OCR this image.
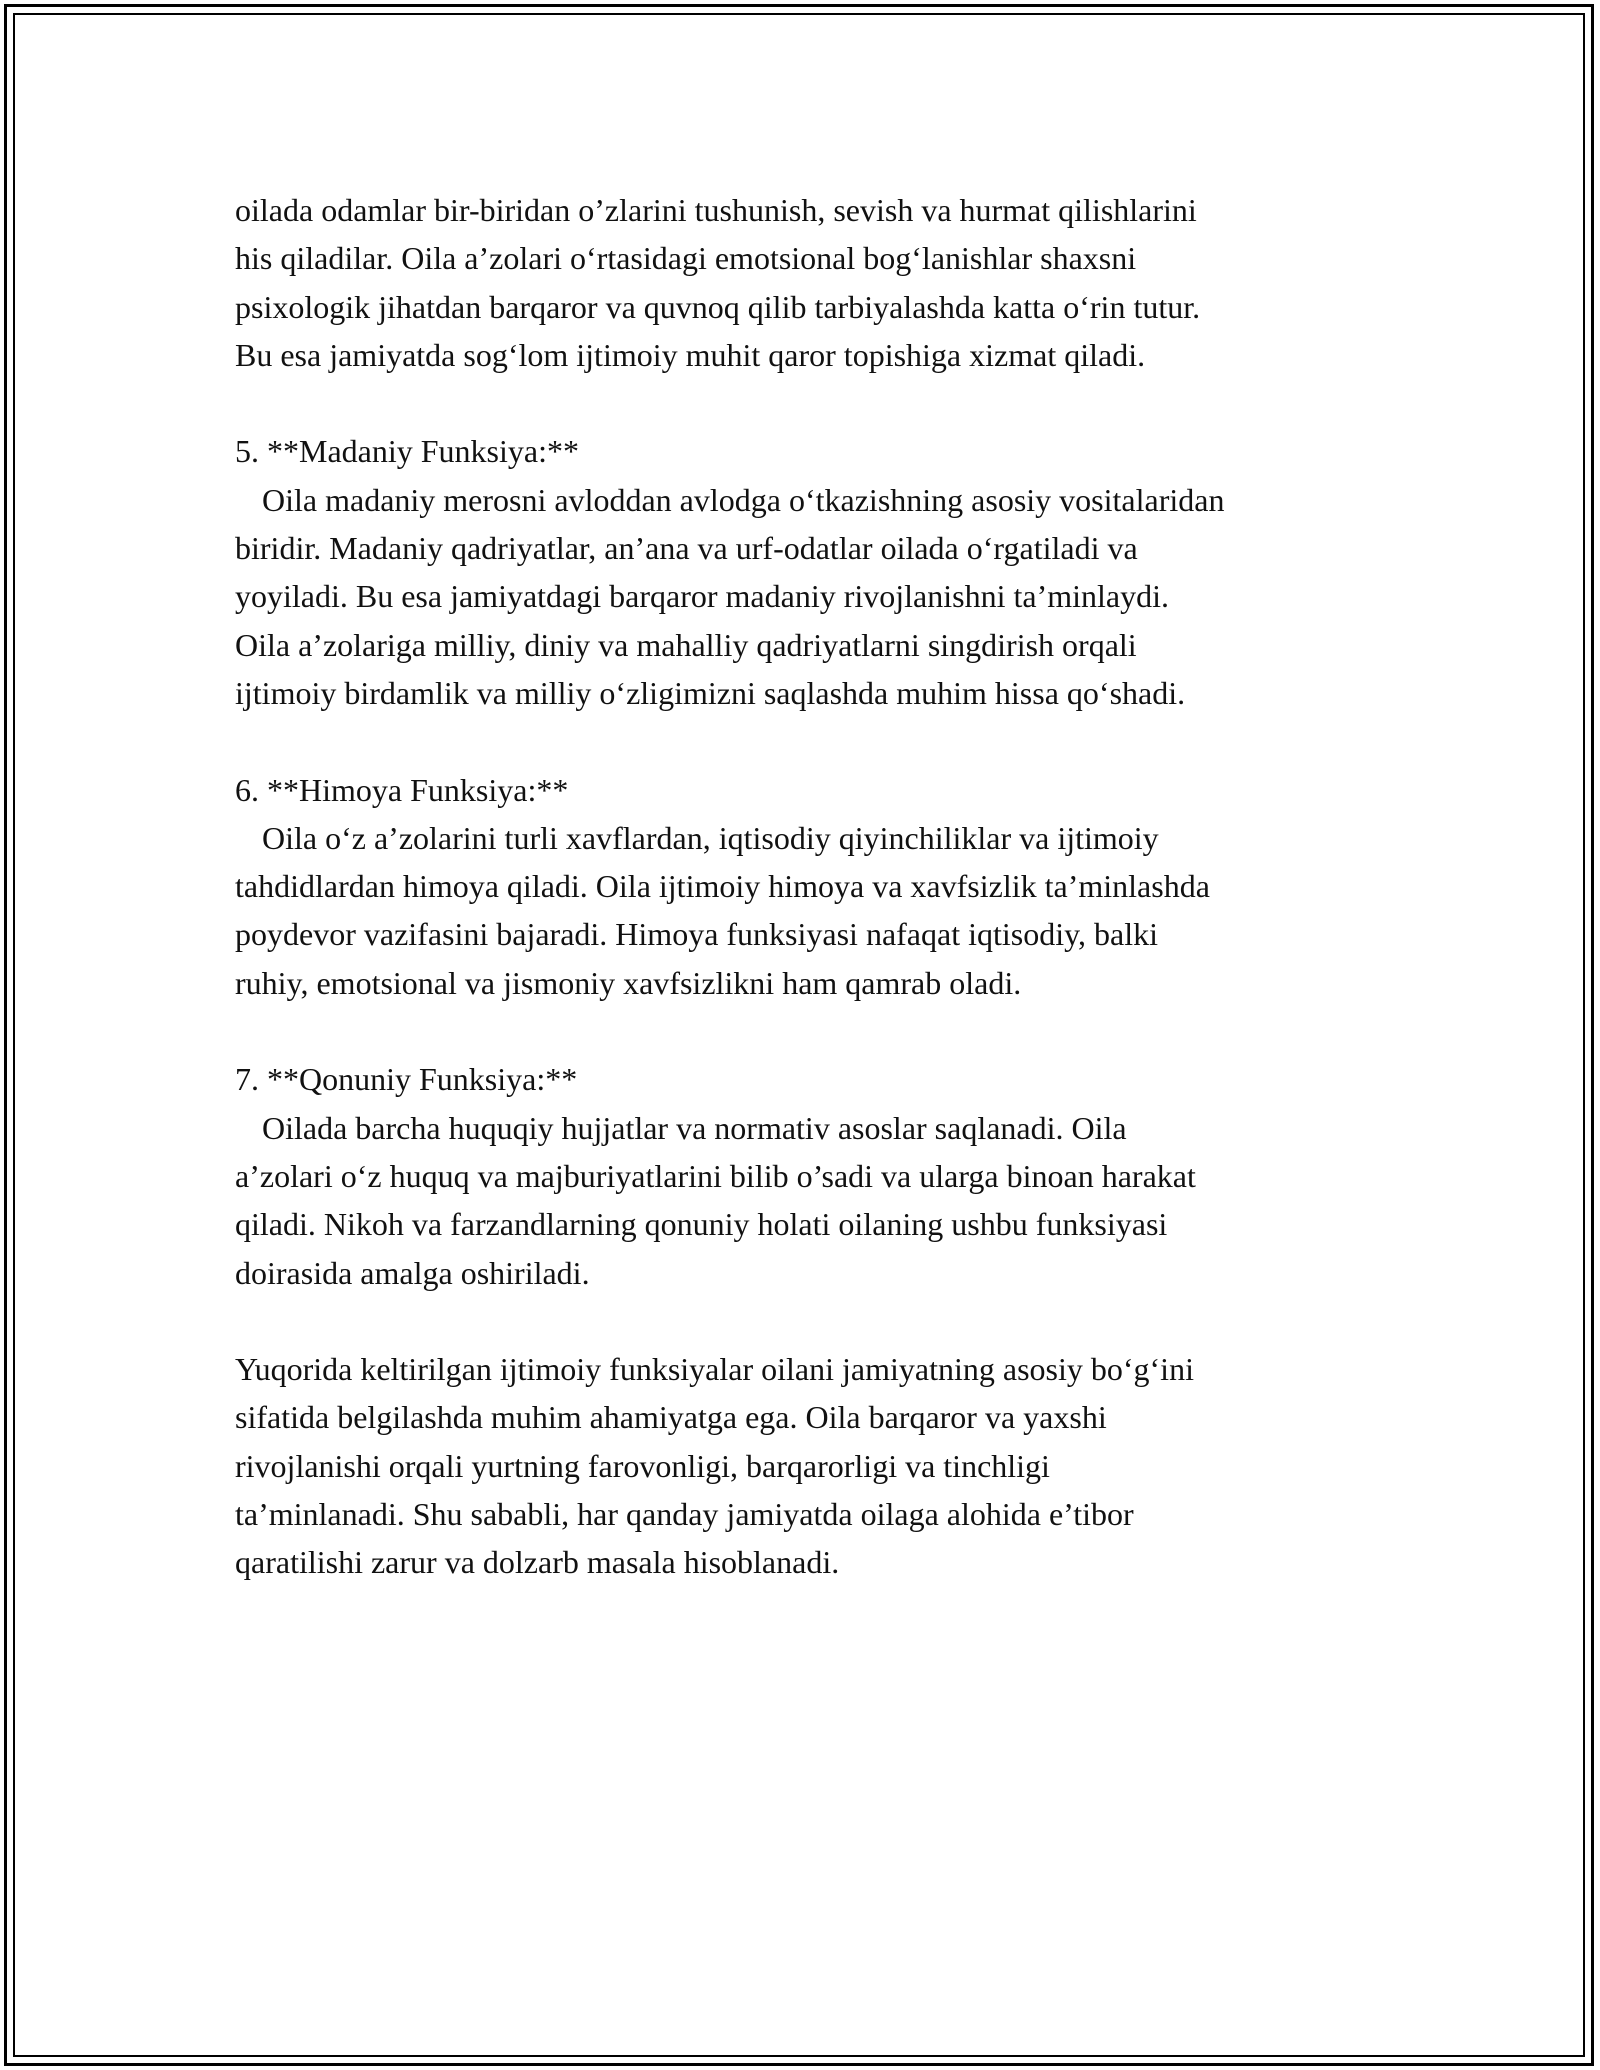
oilada odamlar bir-biridan o’zlarini tushunish, sevish va hurmat qilishlarini
his qiladilar. Oila a’zolari o‘rtasidagi emotsional bog‘lanishlar shaxsni
psixologik jihatdan barqaror va quvnoq qilib tarbiyalashda katta o‘rin tutur.
Bu esa jamiyatda sog‘lom ijtimoiy muhit qaror topishiga xizmat qiladi.

5. **Madaniy Funksiya:**

Oila madaniy merosni avloddan avlodga o‘tkazishning asosiy vositalaridan
biridir. Madaniy qadriyatlar, an’ana va urf-odatlar oilada o‘rgatiladi va
yoyiladi. Bu esa jamiyatdagi barqaror madaniy rivojlanishni ta’minlaydi.
Oila a’zolariga milliy, diniy va mahalliy qadriyatlarni singdirish orqali
ijtimoiy birdamlik va milliy o‘zligimizni saqlashda muhim hissa qo‘shadi.

6. **Himoya Funksiya:**

Oila o‘z a’zolarini turli xavflardan, iqtisodiy qiyinchiliklar va ijtimoiy
tahdidlardan himoya qiladi. Oila ijtimoiy himoya va xavfsizlik ta’minlashda
poydevor vazifasini bajaradi. Himoya funksiyasi nafaqat iqtisodiy, balki
ruhiy, emotsional va jismoniy xavfsizlikni ham qamrab oladi.

7. **Qonuniy Funksiya:**

Oilada barcha huquqiy hujjatlar va normativ asoslar saqlanadi. Oila
a’zolari o‘z huquq va majburiyatlarini bilib o’sadi va ularga binoan harakat
qiladi. Nikoh va farzandlarning qonuniy holati oilaning ushbu funksiyasi
doirasida amalga oshiriladi.

Yuqorida keltirilgan ijtimoiy funksiyalar oilani jamiyatning asosiy bo‘g‘ini
sifatida belgilashda muhim ahamiyatga ega. Oila barqaror va yaxshi
rivojlanishi orqali yurtning farovonligi, barqarorligi va tinchligi
ta’minlanadi. Shu sababli, har qanday jamiyatda oilaga alohida e’tibor
qaratilishi zarur va dolzarb masala hisoblanadi.
